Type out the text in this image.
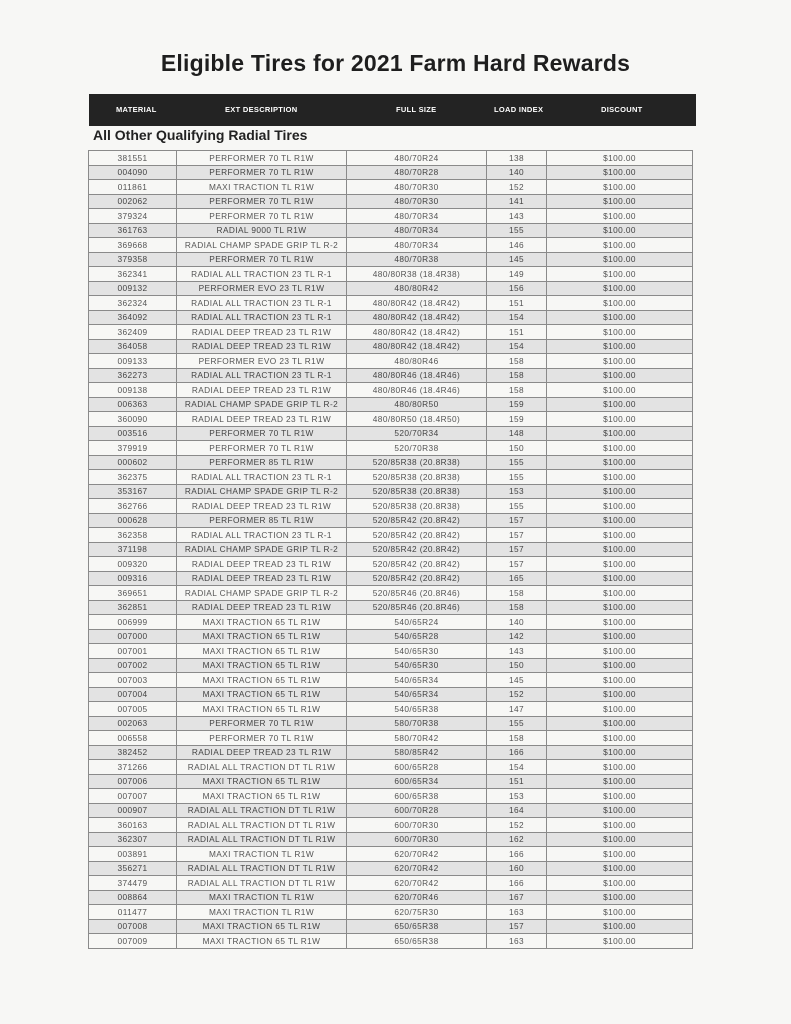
Eligible Tires for 2021 Farm Hard Rewards
MATERIAL	EXT DESCRIPTION	FULL SIZE	LOAD INDEX	DISCOUNT
All Other Qualifying Radial Tires
381551	PERFORMER 70 TL R1W	480/70R24	138	$100.00
004090	PERFORMER 70 TL R1W	480/70R28	140	$100.00
011861	MAXI TRACTION TL R1W	480/70R30	152	$100.00
002062	PERFORMER 70 TL R1W	480/70R30	141	$100.00
379324	PERFORMER 70 TL R1W	480/70R34	143	$100.00
361763	RADIAL 9000 TL R1W	480/70R34	155	$100.00
369668	RADIAL CHAMP SPADE GRIP TL R-2	480/70R34	146	$100.00
379358	PERFORMER 70 TL R1W	480/70R38	145	$100.00
362341	RADIAL ALL TRACTION 23 TL R-1	480/80R38 (18.4R38)	149	$100.00
009132	PERFORMER EVO 23 TL R1W	480/80R42	156	$100.00
362324	RADIAL ALL TRACTION 23 TL R-1	480/80R42 (18.4R42)	151	$100.00
364092	RADIAL ALL TRACTION 23 TL R-1	480/80R42 (18.4R42)	154	$100.00
362409	RADIAL DEEP TREAD 23 TL R1W	480/80R42 (18.4R42)	151	$100.00
364058	RADIAL DEEP TREAD 23 TL R1W	480/80R42 (18.4R42)	154	$100.00
009133	PERFORMER EVO 23 TL R1W	480/80R46	158	$100.00
362273	RADIAL ALL TRACTION 23 TL R-1	480/80R46 (18.4R46)	158	$100.00
009138	RADIAL DEEP TREAD 23 TL R1W	480/80R46 (18.4R46)	158	$100.00
006363	RADIAL CHAMP SPADE GRIP TL R-2	480/80R50	159	$100.00
360090	RADIAL DEEP TREAD 23 TL R1W	480/80R50 (18.4R50)	159	$100.00
003516	PERFORMER 70 TL R1W	520/70R34	148	$100.00
379919	PERFORMER 70 TL R1W	520/70R38	150	$100.00
000602	PERFORMER 85 TL R1W	520/85R38 (20.8R38)	155	$100.00
362375	RADIAL ALL TRACTION 23 TL R-1	520/85R38 (20.8R38)	155	$100.00
353167	RADIAL CHAMP SPADE GRIP TL R-2	520/85R38 (20.8R38)	153	$100.00
362766	RADIAL DEEP TREAD 23 TL R1W	520/85R38 (20.8R38)	155	$100.00
000628	PERFORMER 85 TL R1W	520/85R42 (20.8R42)	157	$100.00
362358	RADIAL ALL TRACTION 23 TL R-1	520/85R42 (20.8R42)	157	$100.00
371198	RADIAL CHAMP SPADE GRIP TL R-2	520/85R42 (20.8R42)	157	$100.00
009320	RADIAL DEEP TREAD 23 TL R1W	520/85R42 (20.8R42)	157	$100.00
009316	RADIAL DEEP TREAD 23 TL R1W	520/85R42 (20.8R42)	165	$100.00
369651	RADIAL CHAMP SPADE GRIP TL R-2	520/85R46 (20.8R46)	158	$100.00
362851	RADIAL DEEP TREAD 23 TL R1W	520/85R46 (20.8R46)	158	$100.00
006999	MAXI TRACTION 65 TL R1W	540/65R24	140	$100.00
007000	MAXI TRACTION 65 TL R1W	540/65R28	142	$100.00
007001	MAXI TRACTION 65 TL R1W	540/65R30	143	$100.00
007002	MAXI TRACTION 65 TL R1W	540/65R30	150	$100.00
007003	MAXI TRACTION 65 TL R1W	540/65R34	145	$100.00
007004	MAXI TRACTION 65 TL R1W	540/65R34	152	$100.00
007005	MAXI TRACTION 65 TL R1W	540/65R38	147	$100.00
002063	PERFORMER 70 TL R1W	580/70R38	155	$100.00
006558	PERFORMER 70 TL R1W	580/70R42	158	$100.00
382452	RADIAL DEEP TREAD 23 TL R1W	580/85R42	166	$100.00
371266	RADIAL ALL TRACTION DT TL R1W	600/65R28	154	$100.00
007006	MAXI TRACTION 65 TL R1W	600/65R34	151	$100.00
007007	MAXI TRACTION 65 TL R1W	600/65R38	153	$100.00
000907	RADIAL ALL TRACTION DT TL R1W	600/70R28	164	$100.00
360163	RADIAL ALL TRACTION DT TL R1W	600/70R30	152	$100.00
362307	RADIAL ALL TRACTION DT TL R1W	600/70R30	162	$100.00
003891	MAXI TRACTION TL R1W	620/70R42	166	$100.00
356271	RADIAL ALL TRACTION DT TL R1W	620/70R42	160	$100.00
374479	RADIAL ALL TRACTION DT TL R1W	620/70R42	166	$100.00
008864	MAXI TRACTION TL R1W	620/70R46	167	$100.00
011477	MAXI TRACTION TL R1W	620/75R30	163	$100.00
007008	MAXI TRACTION 65 TL R1W	650/65R38	157	$100.00
007009	MAXI TRACTION 65 TL R1W	650/65R38	163	$100.00
